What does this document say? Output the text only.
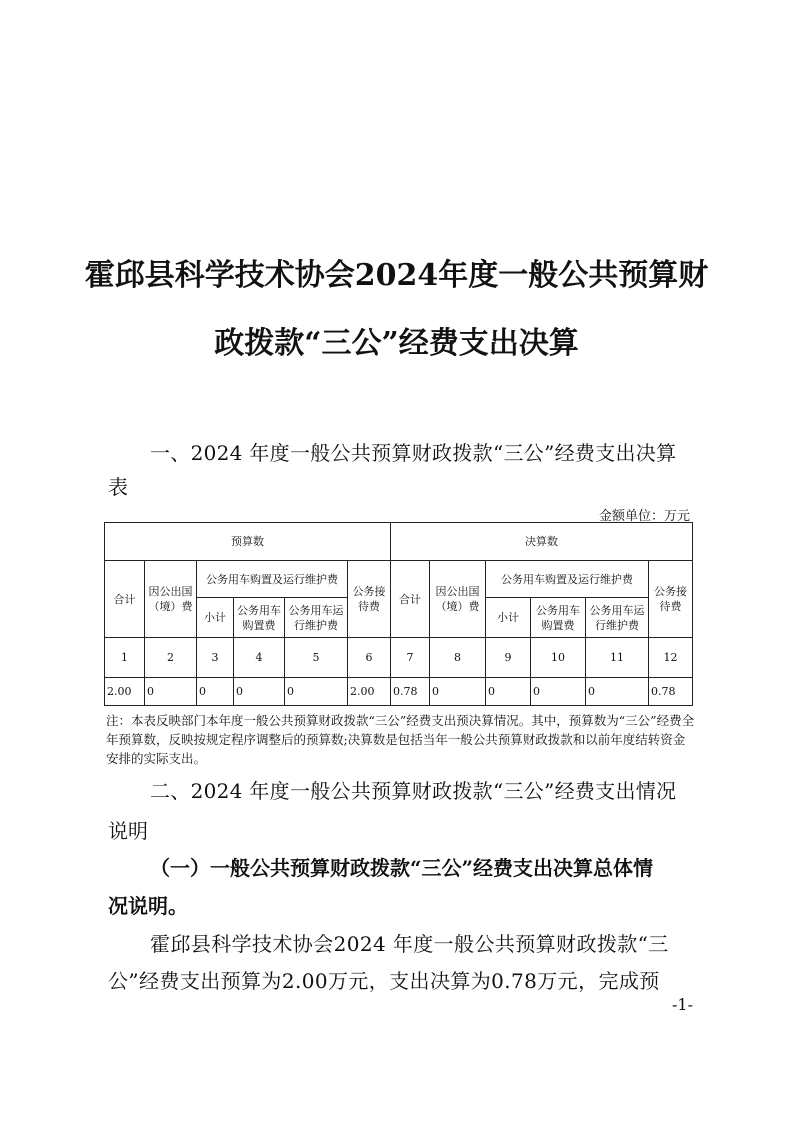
霍邱县科学技术协会2024年度一般公共预算财
政拨款“三公”经费支出决算
一、2024 年度一般公共预算财政拨款“三公”经费支出决算
表
金额单位：万元
预算数						决算数					
合计	因公出国（境）费	公务用车购置及运行维护费			公务接待费	合计	因公出国（境）费	公务用车购置及运行维护费			公务接待费
		小计	公务用车购置费	公务用车运行维护费				小计	公务用车购置费	公务用车运行维护费	
1	2	3	4	5	6	7	8	9	10	11	12
2.00	0	0	0	0	2.00	0.78	0	0	0	0	0.78
注：本表反映部门本年度一般公共预算财政拨款“三公”经费支出预决算情况。其中，预算数为“三公”经费全年预算数，反映按规定程序调整后的预算数;决算数是包括当年一般公共预算财政拨款和以前年度结转资金安排的实际支出。
二、2024 年度一般公共预算财政拨款“三公”经费支出情况
说明
（一）一般公共预算财政拨款“三公”经费支出决算总体情
况说明。
霍邱县科学技术协会2024 年度一般公共预算财政拨款“三
公”经费支出预算为2.00万元，支出决算为0.78万元，完成预
-1-
